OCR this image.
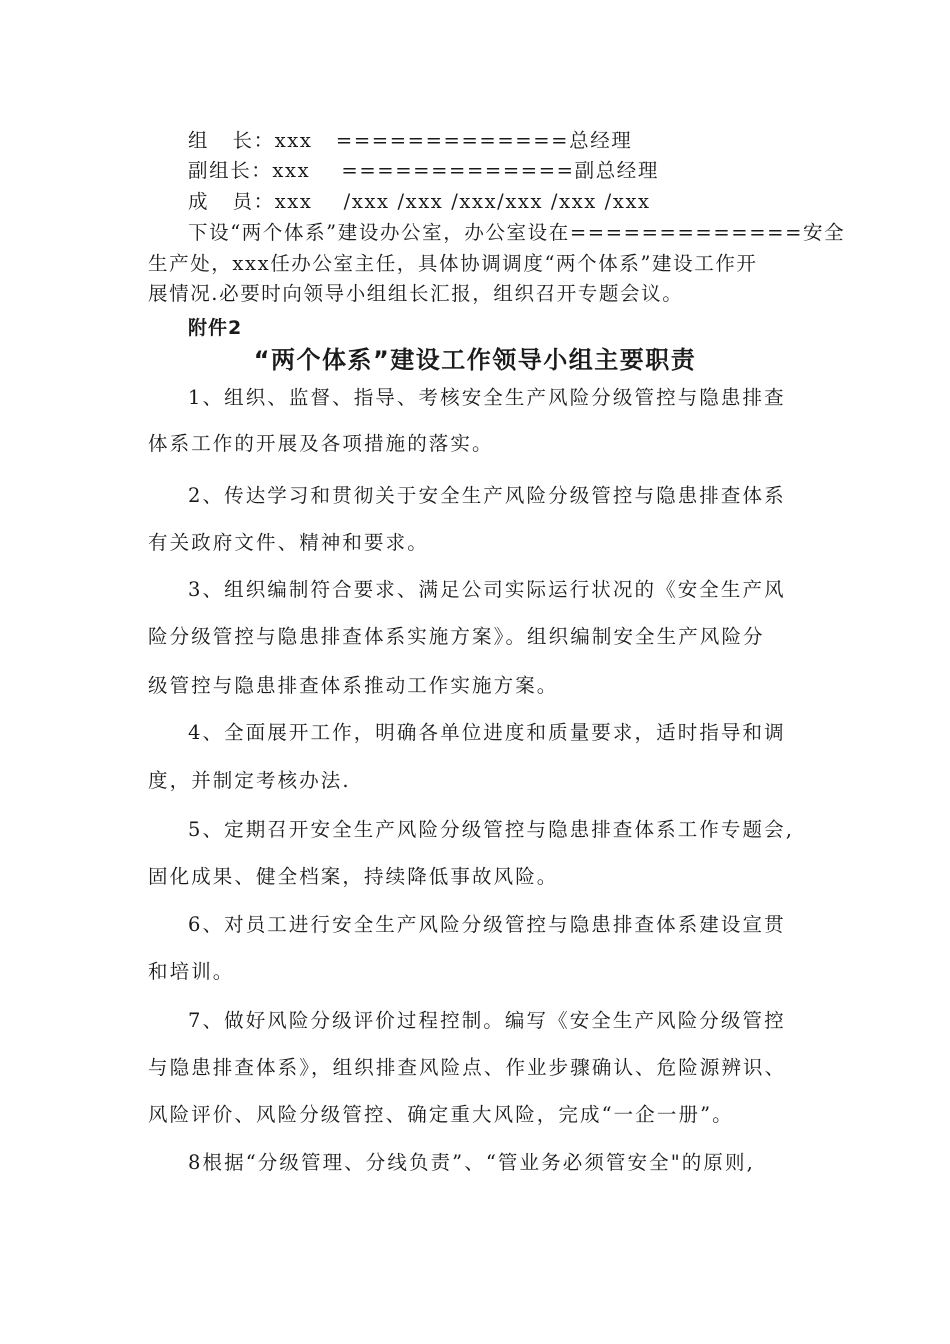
组   长：xxx   =============总经理
副组长：xxx    =============副总经理
成   员：xxx    /xxx /xxx /xxx/xxx /xxx /xxx
下设“两个体系”建设办公室，办公室设在=============安全
生产处，xxx任办公室主任，具体协调调度“两个体系”建设工作开
展情况.必要时向领导小组组长汇报，组织召开专题会议。
附件2
“两个体系”建设工作领导小组主要职责
1、组织、监督、指导、考核安全生产风险分级管控与隐患排查
体系工作的开展及各项措施的落实。
2、传达学习和贯彻关于安全生产风险分级管控与隐患排查体系
有关政府文件、精神和要求。
3、组织编制符合要求、满足公司实际运行状况的《安全生产风
险分级管控与隐患排查体系实施方案》。组织编制安全生产风险分
级管控与隐患排查体系推动工作实施方案。
4、全面展开工作，明确各单位进度和质量要求，适时指导和调
度，并制定考核办法.
5、定期召开安全生产风险分级管控与隐患排查体系工作专题会,
固化成果、健全档案，持续降低事故风险。
6、对员工进行安全生产风险分级管控与隐患排查体系建设宣贯
和培训。
7、做好风险分级评价过程控制。编写《安全生产风险分级管控
与隐患排查体系》，组织排查风险点、作业步骤确认、危险源辨识、
风险评价、风险分级管控、确定重大风险，完成“一企一册”。
8根据“分级管理、分线负责”、“管业务必须管安全"的原则,
